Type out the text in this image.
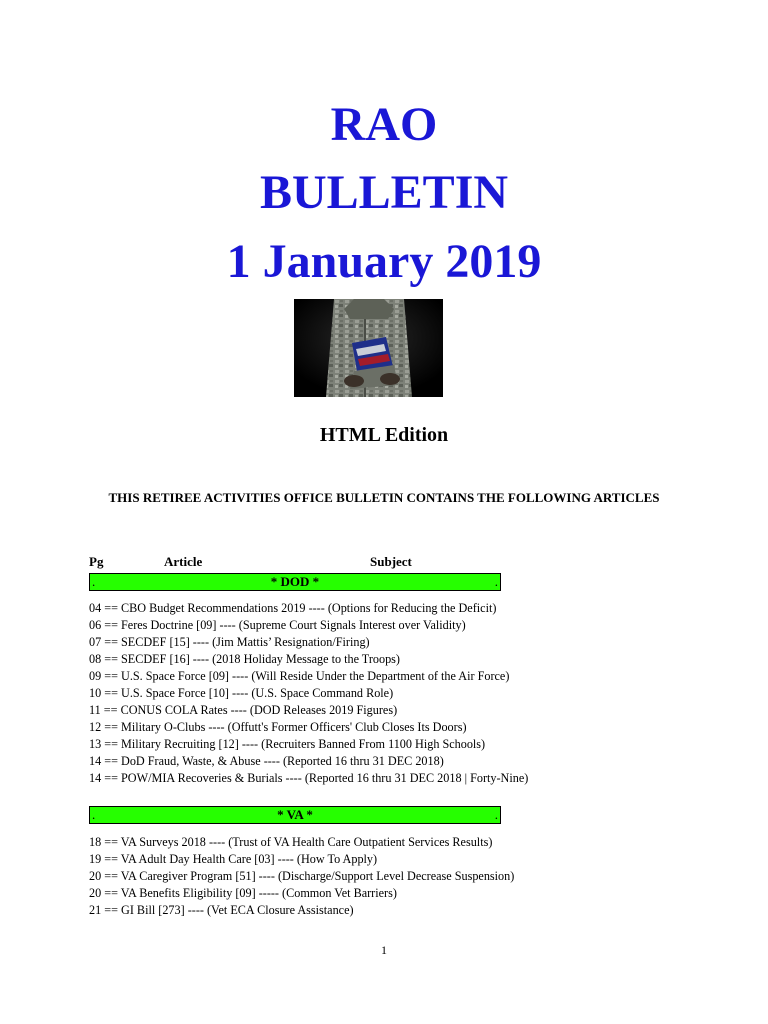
RAO
BULLETIN
1 January 2019
HTML Edition
THIS RETIREE ACTIVITIES OFFICE BULLETIN CONTAINS THE FOLLOWING ARTICLES
Pg	Article	Subject
.	* DOD *	.
04 == CBO Budget Recommendations 2019 ---- (Options for Reducing the Deficit)
06 == Feres Doctrine [09] ---- (Supreme Court Signals Interest over Validity)
07 == SECDEF [15] ---- (Jim Mattis’ Resignation/Firing)
08 == SECDEF [16] ---- (2018 Holiday Message to the Troops)
09 == U.S. Space Force [09] ---- (Will Reside Under the Department of the Air Force)
10 == U.S. Space Force [10] ---- (U.S. Space Command Role)
11 == CONUS COLA Rates ---- (DOD Releases 2019 Figures)
12 == Military O-Clubs ---- (Offutt's Former Officers' Club Closes Its Doors)
13 == Military Recruiting [12] ---- (Recruiters Banned From 1100 High Schools)
14 == DoD Fraud, Waste, & Abuse ---- (Reported 16 thru 31 DEC 2018)
14 == POW/MIA Recoveries & Burials ---- (Reported 16 thru 31 DEC 2018 | Forty-Nine)
.	* VA *	.
18 == VA Surveys 2018 ---- (Trust of VA Health Care Outpatient Services Results)
19 == VA Adult Day Health Care [03] ---- (How To Apply)
20 == VA Caregiver Program [51] ---- (Discharge/Support Level Decrease Suspension)
20 == VA Benefits Eligibility [09] ----- (Common Vet Barriers)
21 == GI Bill [273] ---- (Vet ECA Closure Assistance)
1
